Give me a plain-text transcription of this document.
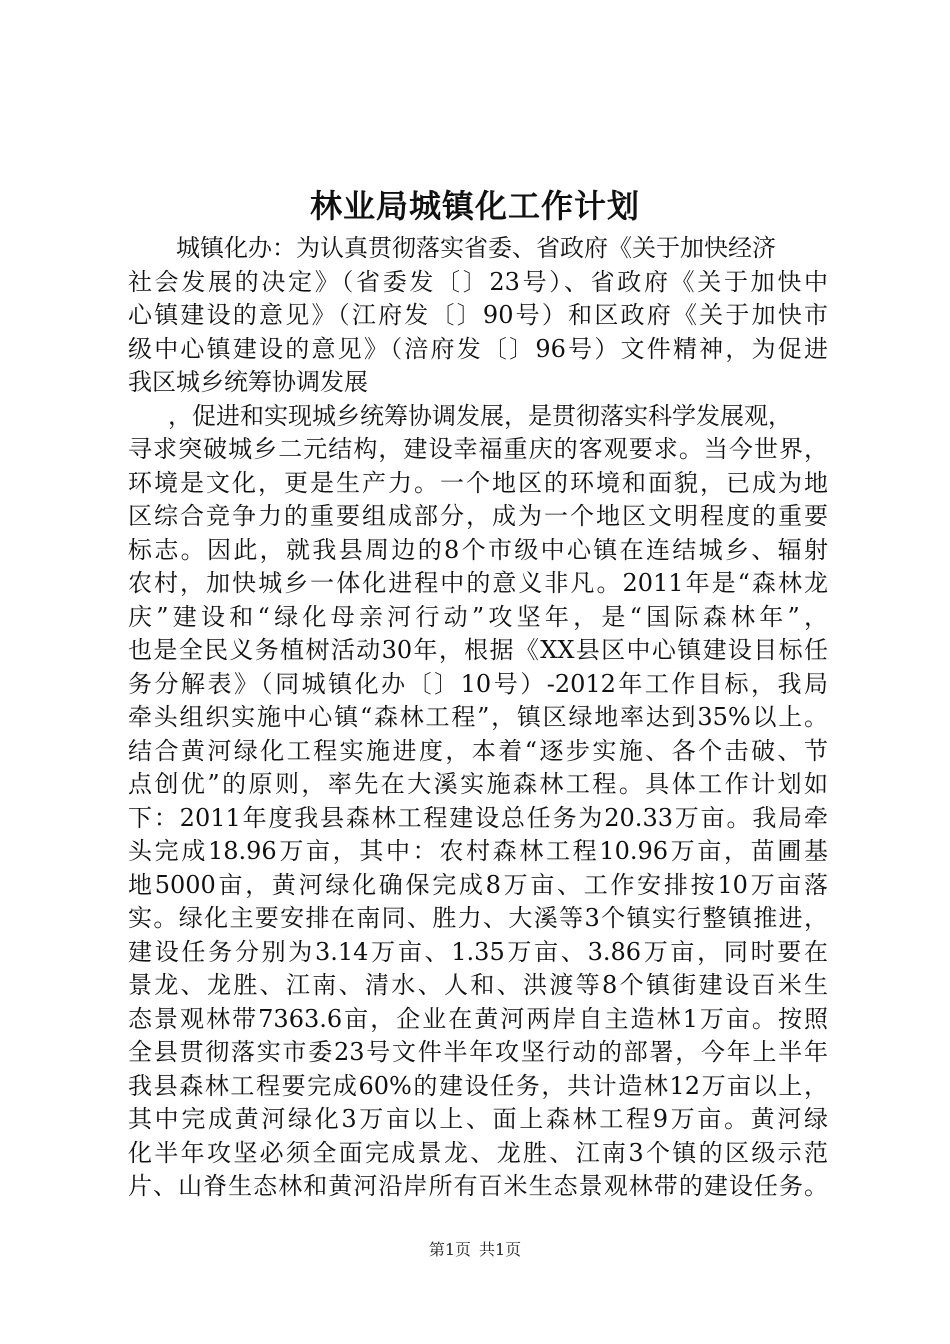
林业局城镇化工作计划
城镇化办：为认真贯彻落实省委、省政府《关于加快经济
社会发展的决定》（省委发〔〕23号）、省政府《关于加快中
心镇建设的意见》（江府发〔〕90号）和区政府《关于加快市
级中心镇建设的意见》（涪府发〔〕96号）文件精神，为促进
我区城乡统筹协调发展
，促进和实现城乡统筹协调发展，是贯彻落实科学发展观，
寻求突破城乡二元结构，建设幸福重庆的客观要求。当今世界，
环境是文化，更是生产力。一个地区的环境和面貌，已成为地
区综合竞争力的重要组成部分，成为一个地区文明程度的重要
标志。因此，就我县周边的8个市级中心镇在连结城乡、辐射
农村，加快城乡一体化进程中的意义非凡。2011年是“森林龙
庆”建设和“绿化母亲河行动”攻坚年，是“国际森林年”，
也是全民义务植树活动30年，根据《XX县区中心镇建设目标任
务分解表》（同城镇化办〔〕10号）-2012年工作目标，我局
牵头组织实施中心镇“森林工程”，镇区绿地率达到35%以上。
结合黄河绿化工程实施进度，本着“逐步实施、各个击破、节
点创优”的原则，率先在大溪实施森林工程。具体工作计划如
下：2011年度我县森林工程建设总任务为20.33万亩。我局牵
头完成18.96万亩，其中：农村森林工程10.96万亩，苗圃基
地5000亩，黄河绿化确保完成8万亩、工作安排按10万亩落
实。绿化主要安排在南同、胜力、大溪等3个镇实行整镇推进，
建设任务分别为3.14万亩、1.35万亩、3.86万亩，同时要在
景龙、龙胜、江南、清水、人和、洪渡等8个镇街建设百米生
态景观林带7363.6亩，企业在黄河两岸自主造林1万亩。按照
全县贯彻落实市委23号文件半年攻坚行动的部署，今年上半年
我县森林工程要完成60%的建设任务，共计造林12万亩以上，
其中完成黄河绿化3万亩以上、面上森林工程9万亩。黄河绿
化半年攻坚必须全面完成景龙、龙胜、江南3个镇的区级示范
片、山脊生态林和黄河沿岸所有百米生态景观林带的建设任务。
第1页 共1页
